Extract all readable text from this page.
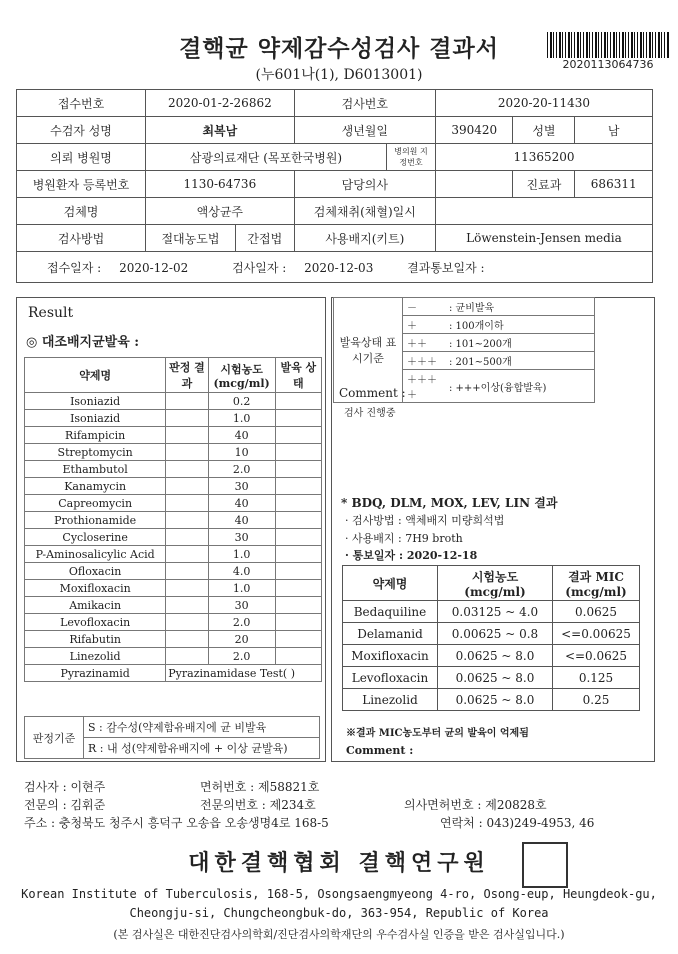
결핵균 약제감수성검사 결과서
(누601나(1), D6013001)
2020113064736
접수번호	2020-01-2-26862		검사번호		2020-20-11430		
수검자 성명	최복남		생년월일		390420	성별	남
의뢰 병원명	삼광의료재단 (목포한국병원)			병의원 지정번호	11365200		
병원환자 등록번호	1130-64736		담당의사			진료과	686311
검체명	액상균주		검체채취(채혈)일시				
검사방법	절대농도법	간접법	사용배지(키트)		Löwenstein-Jensen media		
접수일자 : 2020-12-02 검사일자 : 2020-12-03 결과통보일자 :							
Result
◎ 대조배지균발육 :
약제명	판정 결과	시험농도 (mcg/ml)	발육 상태
Isoniazid		0.2	
Isoniazid		1.0	
Rifampicin		40	
Streptomycin		10	
Ethambutol		2.0	
Kanamycin		30	
Capreomycin		40	
Prothionamide		40	
Cycloserine		30	
P-Aminosalicylic Acid		1.0	
Ofloxacin		4.0	
Moxifloxacin		1.0	
Amikacin		30	
Levofloxacin		2.0	
Rifabutin		20	
Linezolid		2.0	
Pyrazinamid	Pyrazinamidase Test( )		
판정기준	S : 감수성(약제함유배지에 균 비발육
R : 내 성(약제함유배지에 + 이상 균발육)
발육상태 표시기준	－	: 균비발육
	＋	: 100개이하
	＋＋	: 101~200개
	＋＋＋	: 201~500개
	＋＋＋＋	: +++이상(융합발육)
Comment :
검사 진행중
* BDQ, DLM, MOX, LEV, LIN 결과
· 검사방법 : 액체배지 미량희석법
· 사용배지 : 7H9 broth
· 통보일자 : 2020-12-18
약제명	시험농도 (mcg/ml)	결과 MIC (mcg/ml)
Bedaquiline	0.03125 ~ 4.0	0.0625
Delamanid	0.00625 ~ 0.8	<=0.00625
Moxifloxacin	0.0625 ~ 8.0	<=0.0625
Levofloxacin	0.0625 ~ 8.0	0.125
Linezolid	0.0625 ~ 8.0	0.25
※결과 MIC농도부터 균의 발육이 억제됨
Comment :
검사자 : 이현주	면허번호 : 제58821호
전문의 : 김휘준	전문의번호 : 제234호	의사면허번호 : 제20828호
주소 : 충청북도 청주시 흥덕구 오송읍 오송생명4로 168-5	연락처 : 043)249-4953, 46
대한결핵협회 결핵연구원
Korean Institute of Tuberculosis, 168-5, Osongsaengmyeong 4-ro, Osong-eup, Heungdeok-gu,
Cheongju-si, Chungcheongbuk-do, 363-954, Republic of Korea
(본 검사실은 대한진단검사의학회/진단검사의학재단의 우수검사실 인증을 받은 검사실입니다.)
